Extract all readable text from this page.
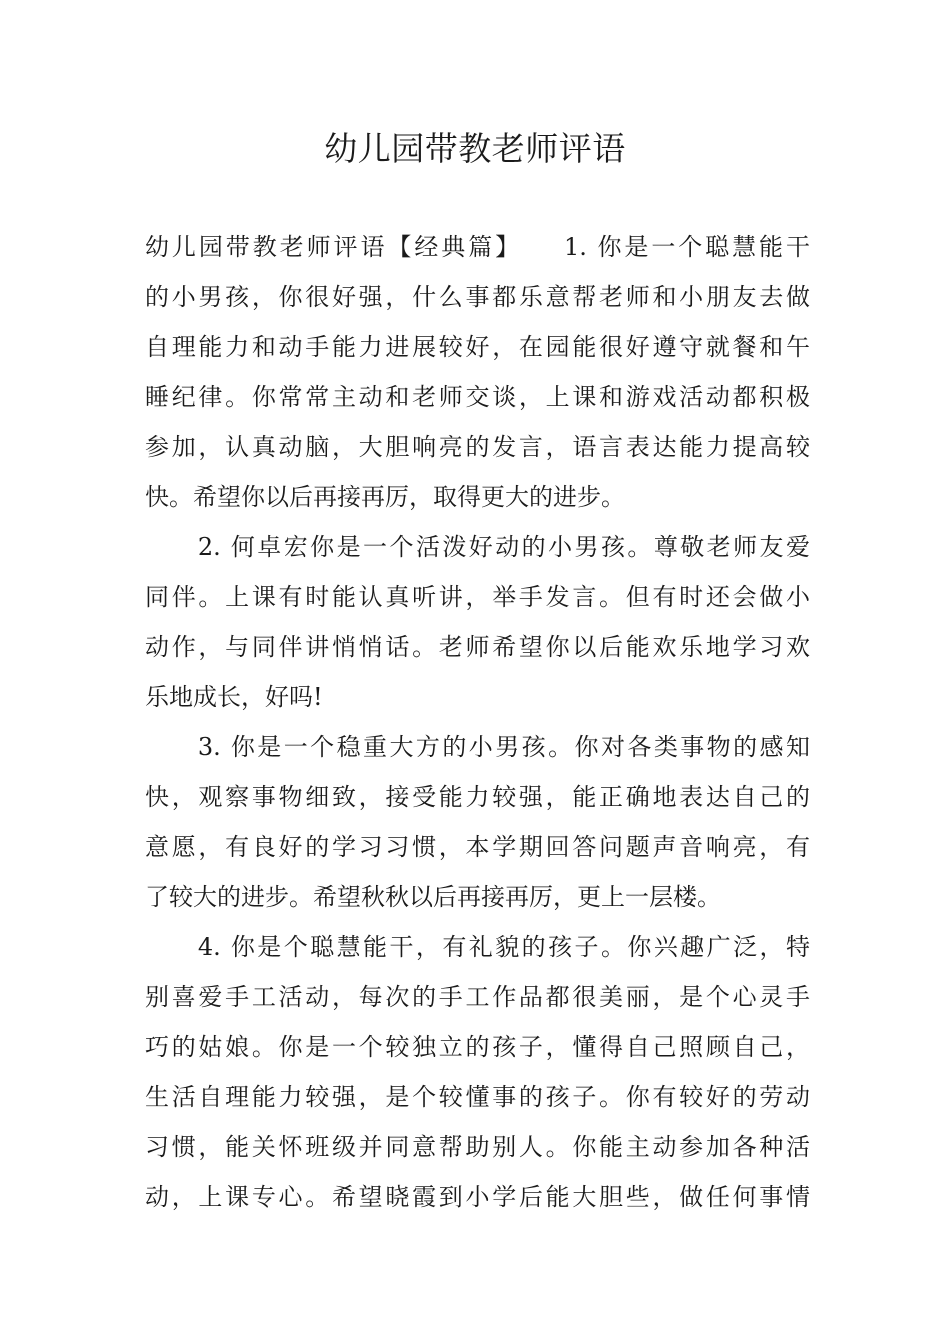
幼儿园带教老师评语
幼儿园带教老师评语【经典篇】　　1. 你是一个聪慧能干
的小男孩，你很好强，什么事都乐意帮老师和小朋友去做
自理能力和动手能力进展较好，在园能很好遵守就餐和午
睡纪律。你常常主动和老师交谈，上课和游戏活动都积极
参加，认真动脑，大胆响亮的发言，语言表达能力提高较
快。希望你以后再接再厉，取得更大的进步。
　　2. 何卓宏你是一个活泼好动的小男孩。尊敬老师友爱
同伴。上课有时能认真听讲，举手发言。但有时还会做小
动作，与同伴讲悄悄话。老师希望你以后能欢乐地学习欢
乐地成长，好吗!
　　3. 你是一个稳重大方的小男孩。你对各类事物的感知
快，观察事物细致，接受能力较强，能正确地表达自己的
意愿，有良好的学习习惯，本学期回答问题声音响亮，有
了较大的进步。希望秋秋以后再接再厉，更上一层楼。
　　4. 你是个聪慧能干，有礼貌的孩子。你兴趣广泛，特
别喜爱手工活动，每次的手工作品都很美丽，是个心灵手
巧的姑娘。你是一个较独立的孩子，懂得自己照顾自己，
生活自理能力较强，是个较懂事的孩子。你有较好的劳动
习惯，能关怀班级并同意帮助别人。你能主动参加各种活
动，上课专心。希望晓霞到小学后能大胆些，做任何事情
